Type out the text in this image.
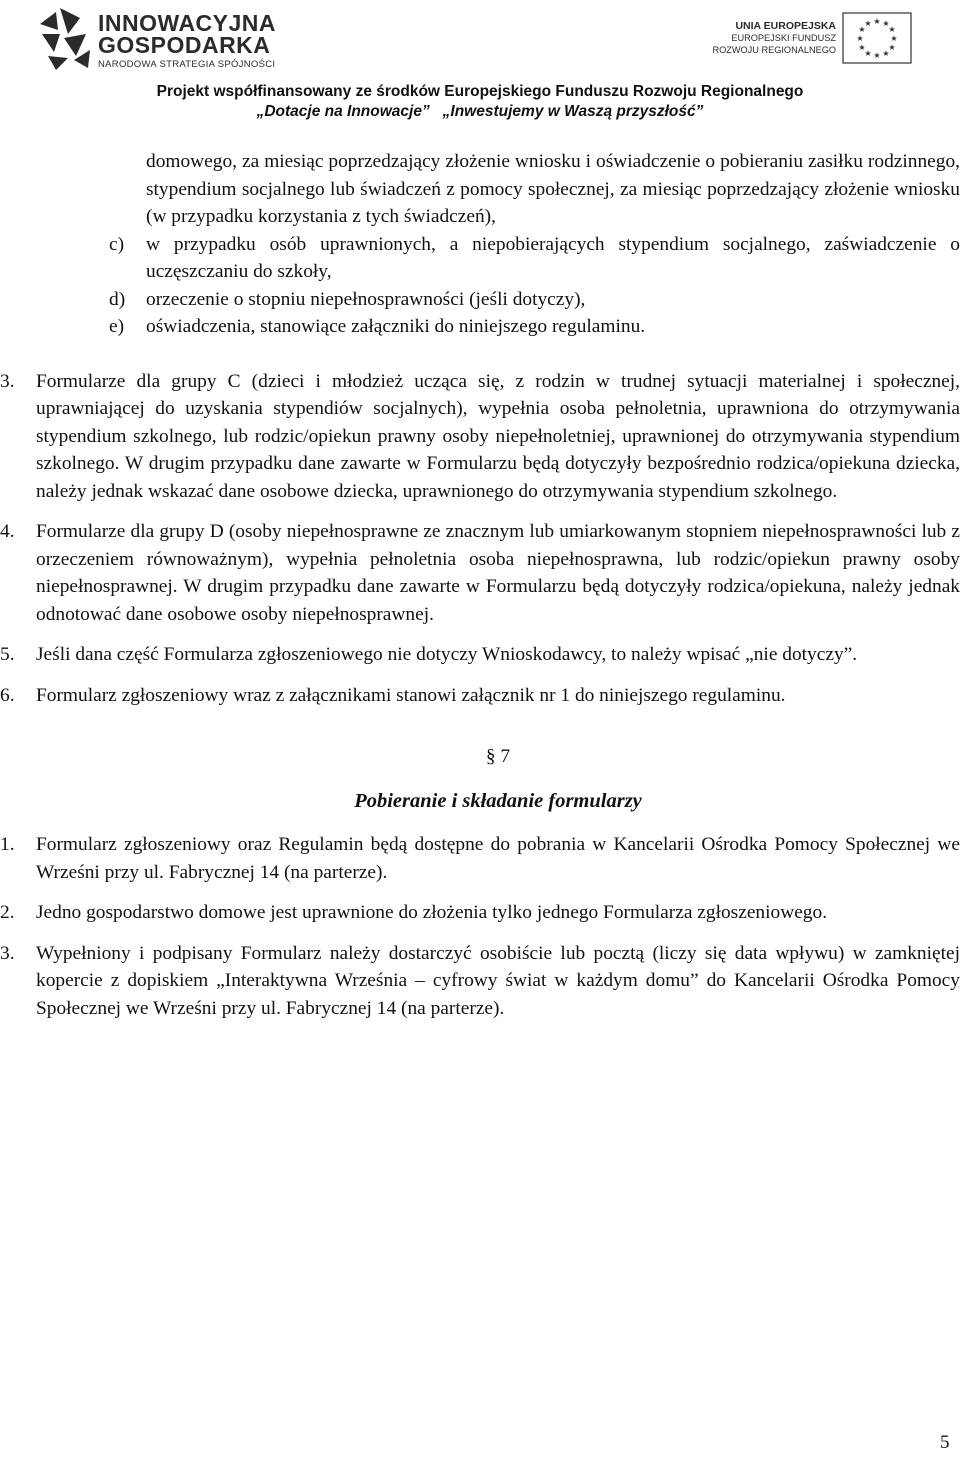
INNOWACYJNA
GOSPODARKA
NARODOWA STRATEGIA SPÓJNOŚCI
UNIA EUROPEJSKA
EUROPEJSKI FUNDUSZ
ROZWOJU REGIONALNEGO
★ ★
★
★
★
★
★
★
★
★
★
★
Projekt współfinansowany ze środków Europejskiego Funduszu Rozwoju Regionalnego
„Dotacje na Innowacje” „Inwestujemy w Waszą przyszłość”
domowego, za miesiąc poprzedzający złożenie wniosku i oświadczenie o pobieraniu zasiłku rodzinnego, stypendium socjalnego lub świadczeń z pomocy społecznej, za miesiąc poprzedzający złożenie wniosku (w przypadku korzystania z tych świadczeń),
c) w przypadku osób uprawnionych, a niepobierających stypendium socjalnego, zaświadczenie o uczęszczaniu do szkoły,
d) orzeczenie o stopniu niepełnosprawności (jeśli dotyczy),
e) oświadczenia, stanowiące załączniki do niniejszego regulaminu.
3. Formularze dla grupy C (dzieci i młodzież ucząca się, z rodzin w trudnej sytuacji materialnej i społecznej, uprawniającej do uzyskania stypendiów socjalnych), wypełnia osoba pełnoletnia, uprawniona do otrzymywania stypendium szkolnego, lub rodzic/opiekun prawny osoby niepełnoletniej, uprawnionej do otrzymywania stypendium szkolnego. W drugim przypadku dane zawarte w Formularzu będą dotyczyły bezpośrednio rodzica/opiekuna dziecka, należy jednak wskazać dane osobowe dziecka, uprawnionego do otrzymywania stypendium szkolnego.
4. Formularze dla grupy D (osoby niepełnosprawne ze znacznym lub umiarkowanym stopniem niepełnosprawności lub z orzeczeniem równoważnym), wypełnia pełnoletnia osoba niepełnosprawna, lub rodzic/opiekun prawny osoby niepełnosprawnej. W drugim przypadku dane zawarte w Formularzu będą dotyczyły rodzica/opiekuna, należy jednak odnotować dane osobowe osoby niepełnosprawnej.
5. Jeśli dana część Formularza zgłoszeniowego nie dotyczy Wnioskodawcy, to należy wpisać „nie dotyczy”.
6. Formularz zgłoszeniowy wraz z załącznikami stanowi załącznik nr 1 do niniejszego regulaminu.
§ 7
Pobieranie i składanie formularzy
1. Formularz zgłoszeniowy oraz Regulamin będą dostępne do pobrania w Kancelarii Ośrodka Pomocy Społecznej we Wrześni przy ul. Fabrycznej 14 (na parterze).
2. Jedno gospodarstwo domowe jest uprawnione do złożenia tylko jednego Formularza zgłoszeniowego.
3. Wypełniony i podpisany Formularz należy dostarczyć osobiście lub pocztą (liczy się data wpływu) w zamkniętej kopercie z dopiskiem „Interaktywna Września – cyfrowy świat w każdym domu” do Kancelarii Ośrodka Pomocy Społecznej we Wrześni przy ul. Fabrycznej 14 (na parterze).
5
